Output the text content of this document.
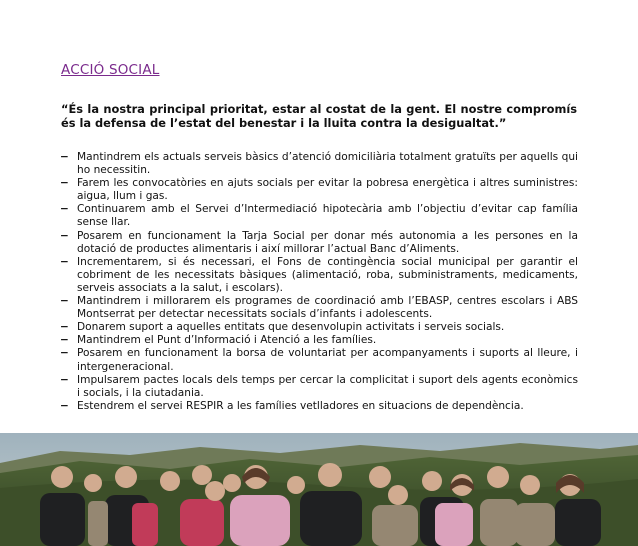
ACCIÓ SOCIAL

“És la nostra principal prioritat, estar al costat de la gent. El nostre compromís és la defensa de l’estat del benestar i la lluita contra la desigualtat.”

− Mantindrem els actuals serveis bàsics d’atenció domiciliària totalment gratuïts per aquells qui ho necessitin.
− Farem les convocatòries en ajuts socials per evitar la pobresa energètica i altres suministres: aigua, llum i gas.
− Continuarem amb el Servei d’Intermediació hipotecària amb l’objectiu d’evitar cap família sense llar.
− Posarem en funcionament la Tarja Social per donar més autonomia a les persones en la dotació de productes alimentaris i així millorar l’actual Banc d’Aliments.
− Incrementarem, si és necessari, el Fons de contingència social municipal per garantir el cobriment de les necessitats bàsiques (alimentació, roba, subministraments, medicaments, serveis associats a la salut, i escolars).
− Mantindrem i millorarem els programes de coordinació amb l’EBASP, centres escolars i ABS Montserrat per detectar necessitats socials d’infants i adolescents.
− Donarem suport a aquelles entitats que desenvolupin activitats i serveis socials.
− Mantindrem el Punt d’Informació i Atenció a les famílies.
− Posarem en funcionament la borsa de voluntariat per acompanyaments i suports al lleure, i intergeneracional.
− Impulsarem pactes locals dels temps per cercar la complicitat i suport dels agents econòmics i socials, i la ciutadania.
− Estendrem el servei RESPIR a les famílies vetlladores en situacions de dependència.
